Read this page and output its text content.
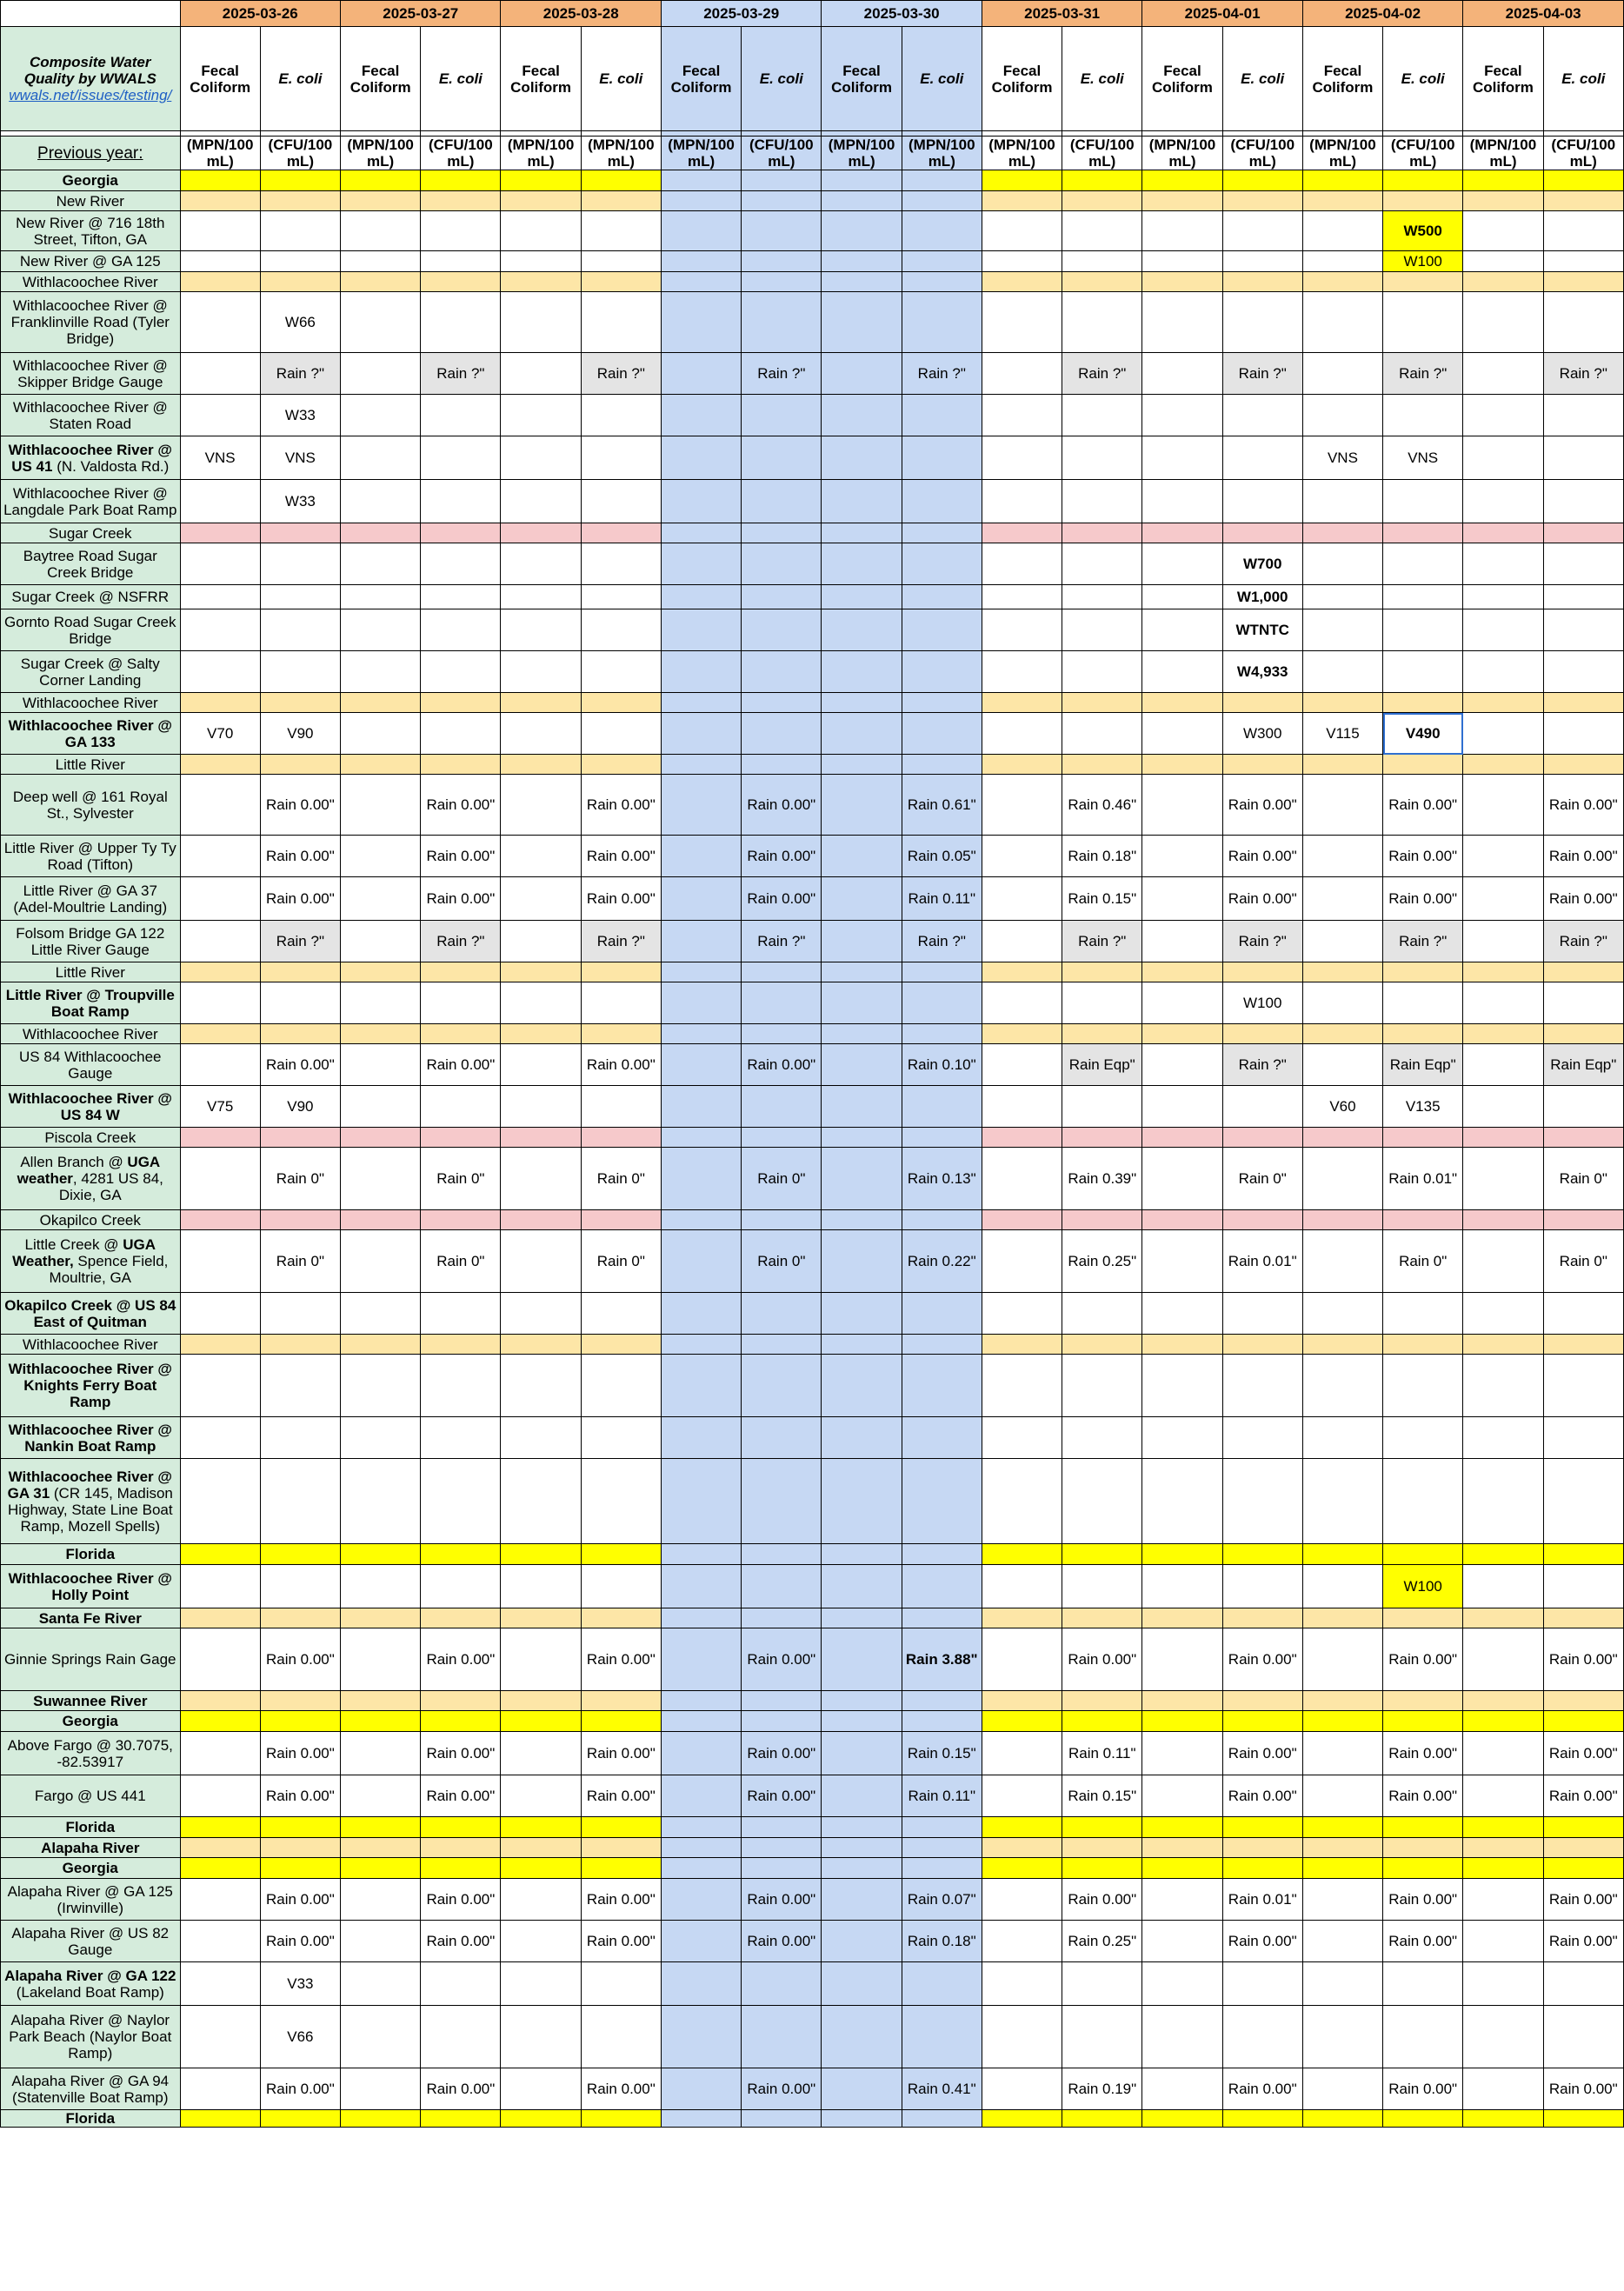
	2025-03-26		2025-03-27		2025-03-28		2025-03-29		2025-03-30		2025-03-31		2025-04-01		2025-04-02		2025-04-03	

Composite Water Quality by WWALS
wwals.net/issues/testing/	Fecal Coliform	E. coli	Fecal Coliform	E. coli	Fecal Coliform	E. coli	Fecal Coliform	E. coli	Fecal Coliform	E. coli	Fecal Coliform	E. coli	Fecal Coliform	E. coli	Fecal Coliform	E. coli	Fecal Coliform	E. coli

Previous year:	(MPN/100 mL)	(CFU/100 mL)	(MPN/100 mL)	(CFU/100 mL)	(MPN/100 mL)	(MPN/100 mL)	(MPN/100 mL)	(CFU/100 mL)	(MPN/100 mL)	(MPN/100 mL)	(MPN/100 mL)	(CFU/100 mL)	(MPN/100 mL)	(CFU/100 mL)	(MPN/100 mL)	(CFU/100 mL)	(MPN/100 mL)	(CFU/100 mL)
Georgia																		
New River																		
New River @ 716 18th Street, Tifton, GA																W500		
New River @ GA 125																W100		
Withlacoochee River																		
Withlacoochee River @ Franklinville Road (Tyler Bridge)		W66																
Withlacoochee River @ Skipper Bridge Gauge		Rain ?"		Rain ?"		Rain ?"		Rain ?"		Rain ?"		Rain ?"		Rain ?"		Rain ?"		Rain ?"
Withlacoochee River @ Staten Road		W33																
Withlacoochee River @ US 41 (N. Valdosta Rd.)	VNS	VNS													VNS	VNS		
Withlacoochee River @ Langdale Park Boat Ramp		W33																
Sugar Creek																		
Baytree Road Sugar Creek Bridge														W700				
Sugar Creek @ NSFRR														W1,000				
Gornto Road Sugar Creek Bridge														WTNTC				
Sugar Creek @ Salty Corner Landing														W4,933				
Withlacoochee River																		
Withlacoochee River @ GA 133	V70	V90												W300	V115	V490		
Little River																		
Deep well @ 161 Royal St., Sylvester		Rain 0.00"		Rain 0.00"		Rain 0.00"		Rain 0.00"		Rain 0.61"		Rain 0.46"		Rain 0.00"		Rain 0.00"		Rain 0.00"
Little River @ Upper Ty Ty Road (Tifton)		Rain 0.00"		Rain 0.00"		Rain 0.00"		Rain 0.00"		Rain 0.05"		Rain 0.18"		Rain 0.00"		Rain 0.00"		Rain 0.00"
Little River @ GA 37 (Adel-Moultrie Landing)		Rain 0.00"		Rain 0.00"		Rain 0.00"		Rain 0.00"		Rain 0.11"		Rain 0.15"		Rain 0.00"		Rain 0.00"		Rain 0.00"
Folsom Bridge GA 122 Little River Gauge		Rain ?"		Rain ?"		Rain ?"		Rain ?"		Rain ?"		Rain ?"		Rain ?"		Rain ?"		Rain ?"
Little River																		
Little River @ Troupville Boat Ramp														W100				
Withlacoochee River																		
US 84 Withlacoochee Gauge		Rain 0.00"		Rain 0.00"		Rain 0.00"		Rain 0.00"		Rain 0.10"		Rain Eqp"		Rain ?"		Rain Eqp"		Rain Eqp"
Withlacoochee River @ US 84 W	V75	V90													V60	V135		
Piscola Creek																		
Allen Branch @ UGA weather, 4281 US 84, Dixie, GA		Rain 0"		Rain 0"		Rain 0"		Rain 0"		Rain 0.13"		Rain 0.39"		Rain 0"		Rain 0.01"		Rain 0"
Okapilco Creek																		
Little Creek @ UGA Weather, Spence Field, Moultrie, GA		Rain 0"		Rain 0"		Rain 0"		Rain 0"		Rain 0.22"		Rain 0.25"		Rain 0.01"		Rain 0"		Rain 0"
Okapilco Creek @ US 84 East of Quitman																		
Withlacoochee River																		
Withlacoochee River @ Knights Ferry Boat Ramp																		
Withlacoochee River @ Nankin Boat Ramp																		
Withlacoochee River @ GA 31 (CR 145, Madison Highway, State Line Boat Ramp, Mozell Spells)																		
Florida																		
Withlacoochee River @ Holly Point																W100		
Santa Fe River																		
Ginnie Springs Rain Gage		Rain 0.00"		Rain 0.00"		Rain 0.00"		Rain 0.00"		Rain 3.88"		Rain 0.00"		Rain 0.00"		Rain 0.00"		Rain 0.00"
Suwannee River																		
Georgia																		
Above Fargo @ 30.7075, -82.53917		Rain 0.00"		Rain 0.00"		Rain 0.00"		Rain 0.00"		Rain 0.15"		Rain 0.11"		Rain 0.00"		Rain 0.00"		Rain 0.00"
Fargo @ US 441		Rain 0.00"		Rain 0.00"		Rain 0.00"		Rain 0.00"		Rain 0.11"		Rain 0.15"		Rain 0.00"		Rain 0.00"		Rain 0.00"
Florida																		
Alapaha River																		
Georgia																		
Alapaha River @ GA 125 (Irwinville)		Rain 0.00"		Rain 0.00"		Rain 0.00"		Rain 0.00"		Rain 0.07"		Rain 0.00"		Rain 0.01"		Rain 0.00"		Rain 0.00"
Alapaha River @ US 82 Gauge		Rain 0.00"		Rain 0.00"		Rain 0.00"		Rain 0.00"		Rain 0.18"		Rain 0.25"		Rain 0.00"		Rain 0.00"		Rain 0.00"
Alapaha River @ GA 122 (Lakeland Boat Ramp)		V33																
Alapaha River @ Naylor Park Beach (Naylor Boat Ramp)		V66																
Alapaha River @ GA 94 (Statenville Boat Ramp)		Rain 0.00"		Rain 0.00"		Rain 0.00"		Rain 0.00"		Rain 0.41"		Rain 0.19"		Rain 0.00"		Rain 0.00"		Rain 0.00"
Florida																		
